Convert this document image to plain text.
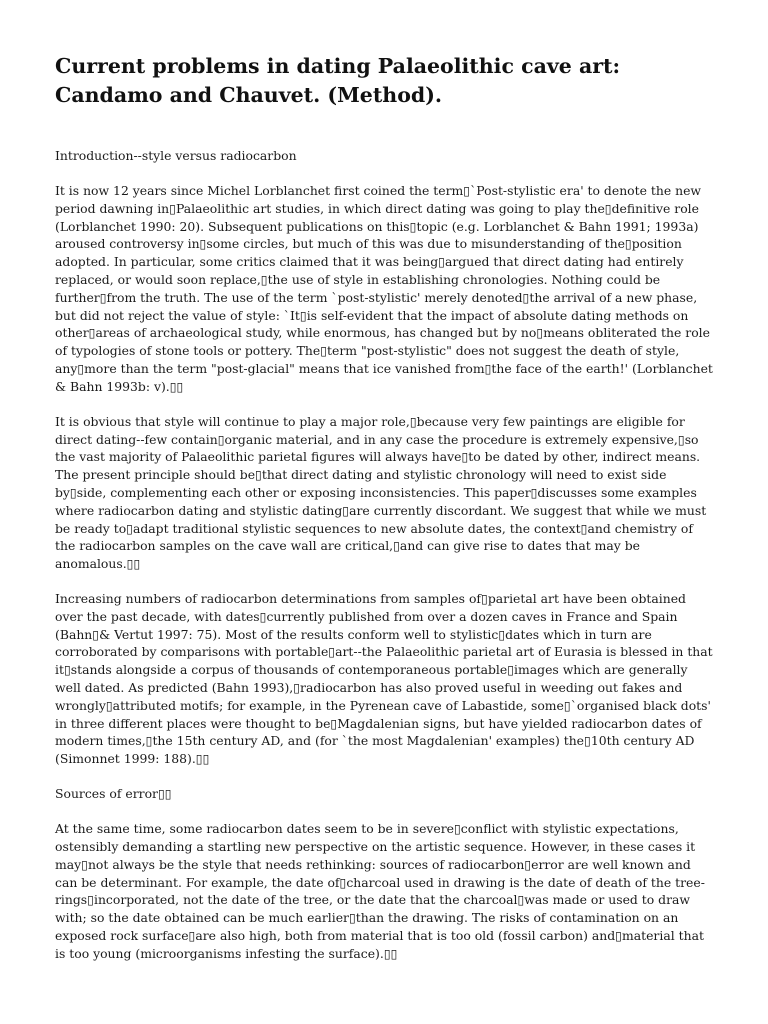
Current problems in dating Palaeolithic cave art: Candamo and Chauvet. (Method).

Introduction--style versus radiocarbon

It is now 12 years since Michel Lorblanchet first coined the term▯`Post-stylistic era' to denote the new period dawning in▯Palaeolithic art studies, in which direct dating was going to play the▯definitive role (Lorblanchet 1990: 20). Subsequent publications on this▯topic (e.g. Lorblanchet & Bahn 1991; 1993a) aroused controversy in▯some circles, but much of this was due to misunderstanding of the▯position adopted. In particular, some critics claimed that it was being▯argued that direct dating had entirely replaced, or would soon replace,▯the use of style in establishing chronologies. Nothing could be further▯from the truth. The use of the term `post-stylistic' merely denoted▯the arrival of a new phase, but did not reject the value of style: `It▯is self-evident that the impact of absolute dating methods on other▯areas of archaeological study, while enormous, has changed but by no▯means obliterated the role of typologies of stone tools or pottery. The▯term "post-stylistic" does not suggest the death of style, any▯more than the term "post-glacial" means that ice vanished from▯the face of the earth!' (Lorblanchet & Bahn 1993b: v).▯▯

It is obvious that style will continue to play a major role,▯because very few paintings are eligible for direct dating--few contain▯organic material, and in any case the procedure is extremely expensive,▯so the vast majority of Palaeolithic parietal figures will always have▯to be dated by other, indirect means. The present principle should be▯that direct dating and stylistic chronology will need to exist side by▯side, complementing each other or exposing inconsistencies. This paper▯discusses some examples where radiocarbon dating and stylistic dating▯are currently discordant. We suggest that while we must be ready to▯adapt traditional stylistic sequences to new absolute dates, the context▯and chemistry of the radiocarbon samples on the cave wall are critical,▯and can give rise to dates that may be anomalous.▯▯

Increasing numbers of radiocarbon determinations from samples of▯parietal art have been obtained over the past decade, with dates▯currently published from over a dozen caves in France and Spain (Bahn▯& Vertut 1997: 75). Most of the results conform well to stylistic▯dates which in turn are corroborated by comparisons with portable▯art--the Palaeolithic parietal art of Eurasia is blessed in that it▯stands alongside a corpus of thousands of contemporaneous portable▯images which are generally well dated. As predicted (Bahn 1993),▯radiocarbon has also proved useful in weeding out fakes and wrongly▯attributed motifs; for example, in the Pyrenean cave of Labastide, some▯`organised black dots' in three different places were thought to be▯Magdalenian signs, but have yielded radiocarbon dates of modern times,▯the 15th century AD, and (for `the most Magdalenian' examples) the▯10th century AD (Simonnet 1999: 188).▯▯

Sources of error▯▯

At the same time, some radiocarbon dates seem to be in severe▯conflict with stylistic expectations, ostensibly demanding a startling new perspective on the artistic sequence. However, in these cases it may▯not always be the style that needs rethinking: sources of radiocarbon▯error are well known and can be determinant. For example, the date of▯charcoal used in drawing is the date of death of the tree-rings▯incorporated, not the date of the tree, or the date that the charcoal▯was made or used to draw with; so the date obtained can be much earlier▯than the drawing. The risks of contamination on an exposed rock surface▯are also high, both from material that is too old (fossil carbon) and▯material that is too young (microorganisms infesting the surface).▯▯
